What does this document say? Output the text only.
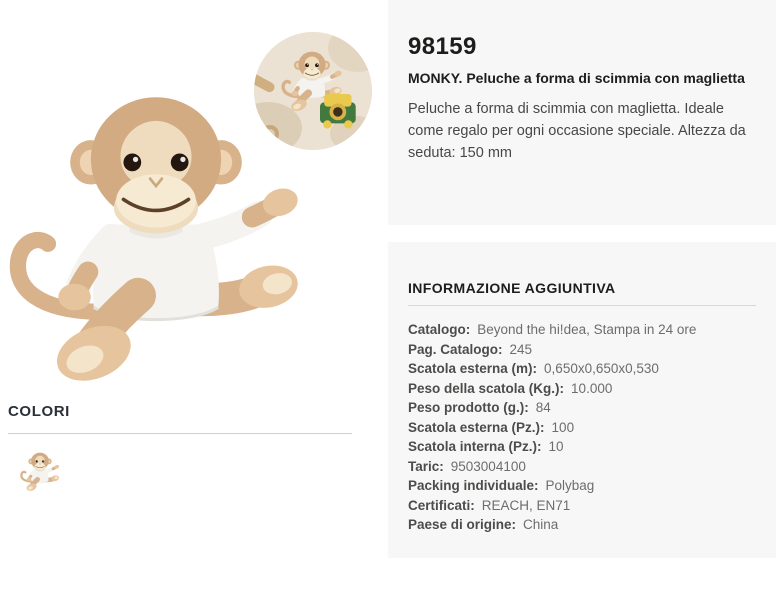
COLORI
98159
MONKY. Peluche a forma di scimmia con maglietta
Peluche a forma di scimmia con maglietta. Ideale come regalo per ogni occasione speciale. Altezza da seduta: 150 mm
INFORMAZIONE AGGIUNTIVA
Catalogo: Beyond the hi!dea, Stampa in 24 ore
Pag. Catalogo: 245
Scatola esterna (m): 0,650x0,650x0,530
Peso della scatola (Kg.): 10.000
Peso prodotto (g.): 84
Scatola esterna (Pz.): 100
Scatola interna (Pz.): 10
Taric: 9503004100
Packing individuale: Polybag
Certificati: REACH, EN71
Paese di origine: China
